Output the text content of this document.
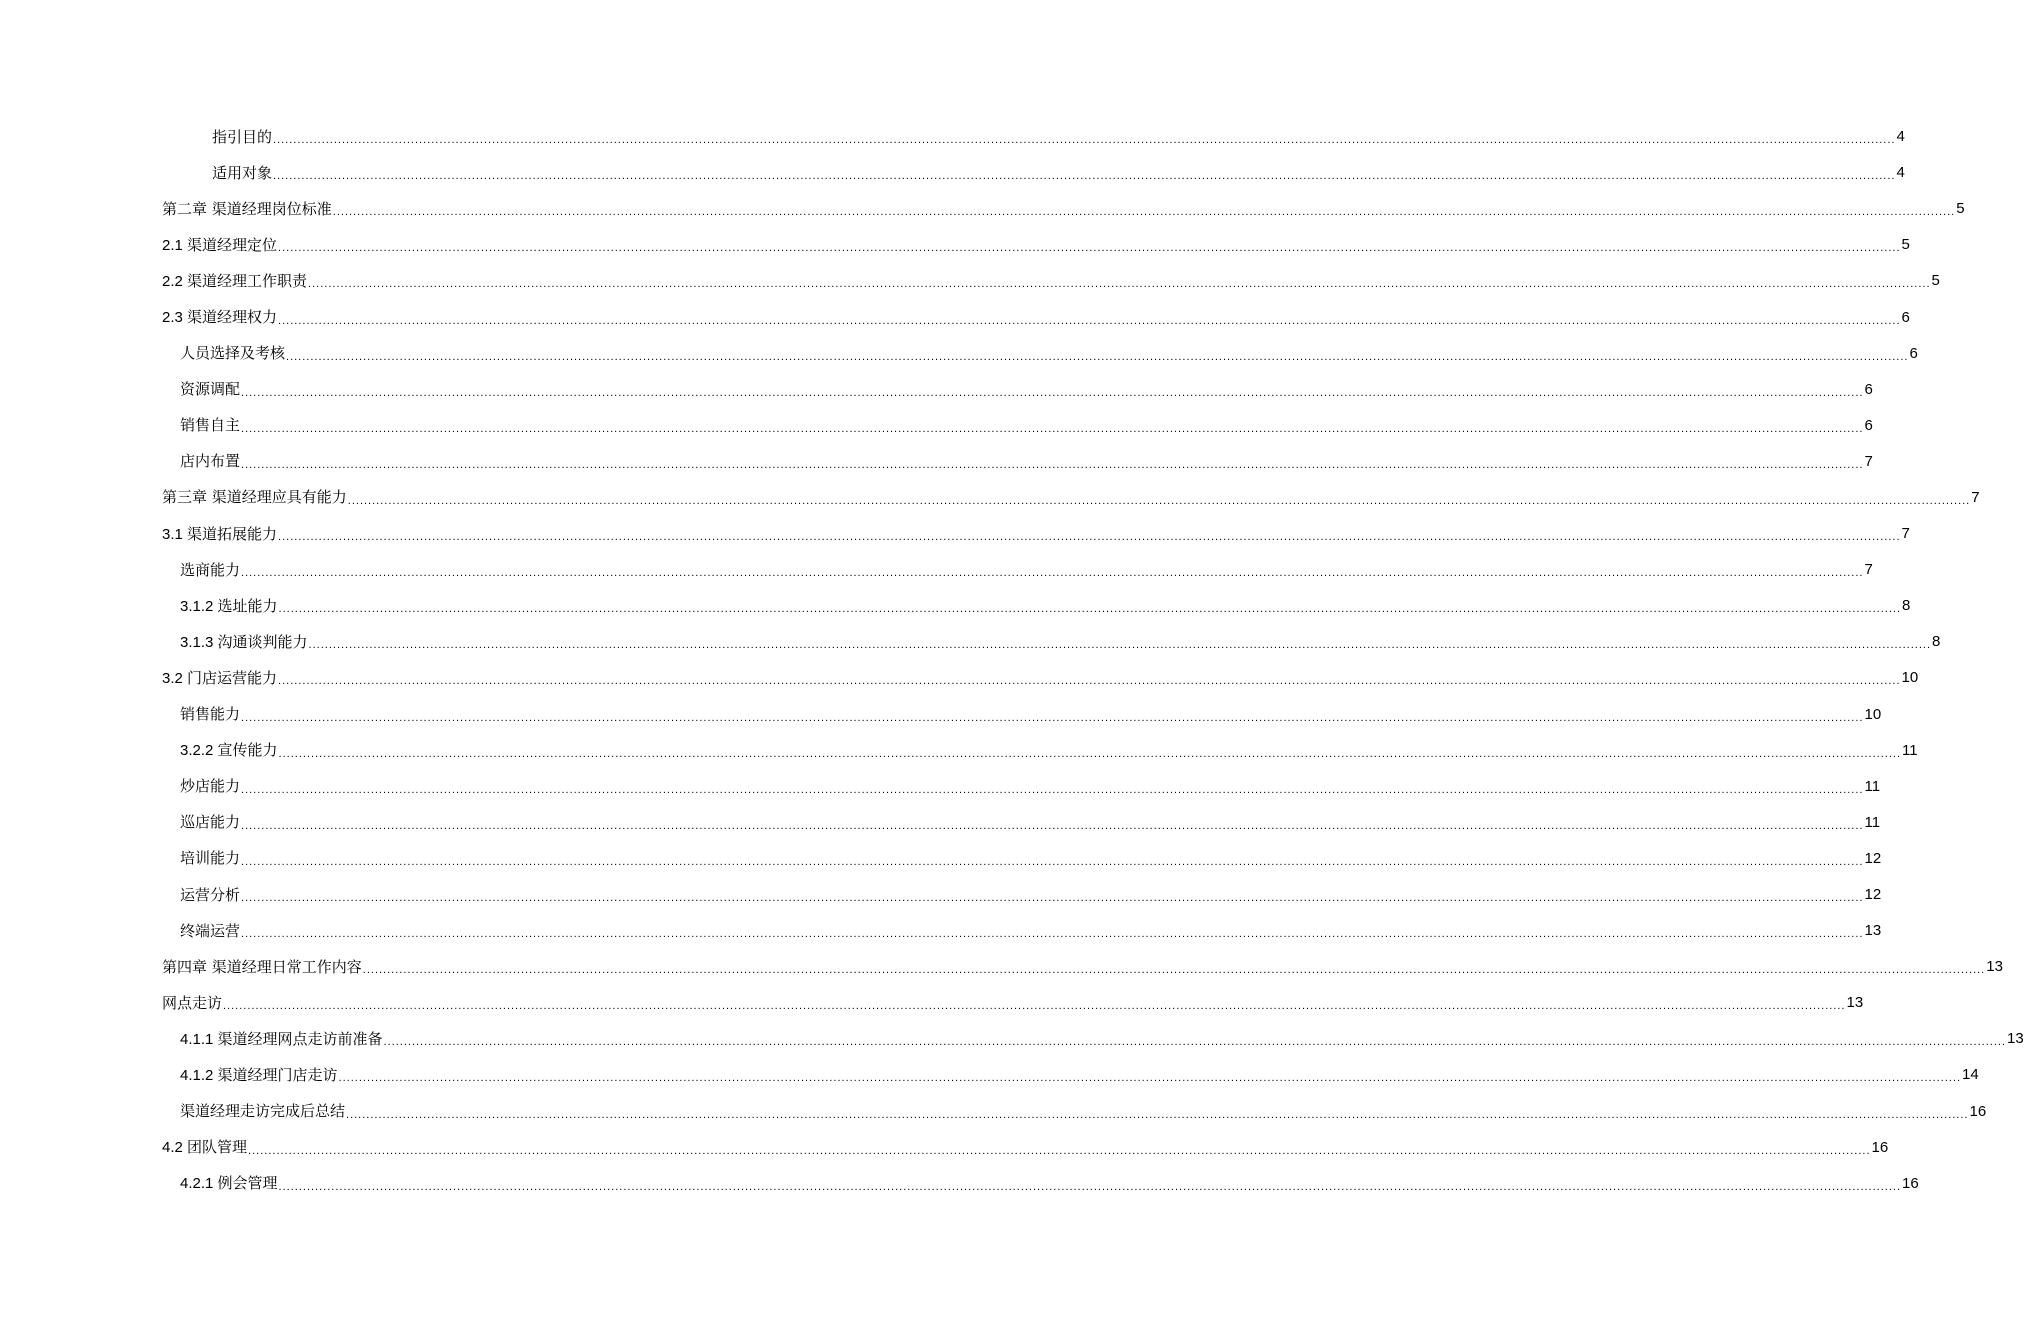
指引目的 ................................................................................................................................................................................................................................................................................................................................................................................................................ 4
适用对象 ................................................................................................................................................................................................................................................................................................................................................................................................................ 4
第二章 渠道经理岗位标准 ................................................................................................................................................................................................................................................................................................................................................................................................................ 5
2.1 渠道经理定位 ................................................................................................................................................................................................................................................................................................................................................................................................................ 5
2.2 渠道经理工作职责 ................................................................................................................................................................................................................................................................................................................................................................................................................ 5
2.3 渠道经理权力 ................................................................................................................................................................................................................................................................................................................................................................................................................ 6
人员选择及考核 ................................................................................................................................................................................................................................................................................................................................................................................................................ 6
资源调配 ................................................................................................................................................................................................................................................................................................................................................................................................................ 6
销售自主 ................................................................................................................................................................................................................................................................................................................................................................................................................ 6
店内布置 ................................................................................................................................................................................................................................................................................................................................................................................................................ 7
第三章 渠道经理应具有能力 ................................................................................................................................................................................................................................................................................................................................................................................................................ 7
3.1 渠道拓展能力 ................................................................................................................................................................................................................................................................................................................................................................................................................ 7
选商能力 ................................................................................................................................................................................................................................................................................................................................................................................................................ 7
3.1.2 选址能力 ................................................................................................................................................................................................................................................................................................................................................................................................................ 8
3.1.3 沟通谈判能力 ................................................................................................................................................................................................................................................................................................................................................................................................................ 8
3.2 门店运营能力 ................................................................................................................................................................................................................................................................................................................................................................................................................ 10
销售能力 ................................................................................................................................................................................................................................................................................................................................................................................................................ 10
3.2.2 宣传能力 ................................................................................................................................................................................................................................................................................................................................................................................................................ 11
炒店能力 ................................................................................................................................................................................................................................................................................................................................................................................................................ 11
巡店能力 ................................................................................................................................................................................................................................................................................................................................................................................................................ 11
培训能力 ................................................................................................................................................................................................................................................................................................................................................................................................................ 12
运营分析 ................................................................................................................................................................................................................................................................................................................................................................................................................ 12
终端运营 ................................................................................................................................................................................................................................................................................................................................................................................................................ 13
第四章 渠道经理日常工作内容 ................................................................................................................................................................................................................................................................................................................................................................................................................ 13
网点走访 ................................................................................................................................................................................................................................................................................................................................................................................................................ 13
4.1.1 渠道经理网点走访前准备 ................................................................................................................................................................................................................................................................................................................................................................................................................ 13
4.1.2 渠道经理门店走访 ................................................................................................................................................................................................................................................................................................................................................................................................................ 14
渠道经理走访完成后总结 ................................................................................................................................................................................................................................................................................................................................................................................................................ 16
4.2 团队管理 ................................................................................................................................................................................................................................................................................................................................................................................................................ 16
4.2.1 例会管理 ................................................................................................................................................................................................................................................................................................................................................................................................................ 16
